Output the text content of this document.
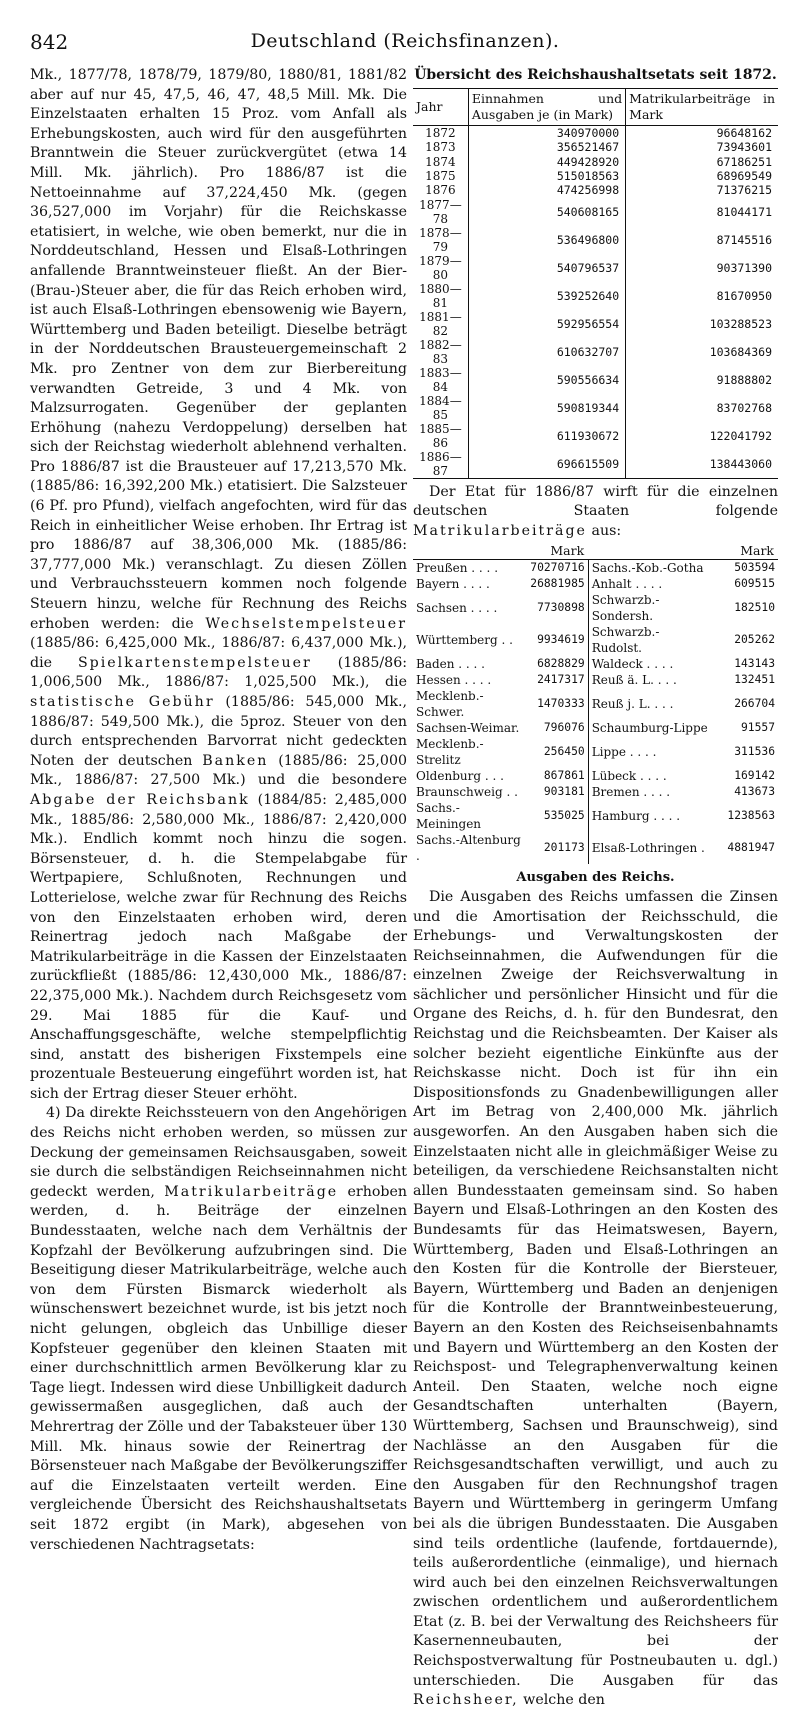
842	Deutschland (Reichsfinanzen).

Mk., 1877/78, 1878/79, 1879/80, 1880/81, 1881/82 aber auf nur 45, 47,5, 46, 47, 48,5 Mill. Mk. Die Einzelstaaten erhalten 15 Proz. vom Anfall als Erhebungskosten, auch wird für den ausgeführten Branntwein die Steuer zurückvergütet (etwa 14 Mill. Mk. jährlich). Pro 1886/87 ist die Nettoeinnahme auf 37,224,450 Mk. (gegen 36,527,000 im Vorjahr) für die Reichskasse etatisiert, in welche, wie oben bemerkt, nur die in Norddeutschland, Hessen und Elsaß-Lothringen anfallende Branntweinsteuer fließt. An der Bier-(Brau-)Steuer aber, die für das Reich erhoben wird, ist auch Elsaß-Lothringen ebensowenig wie Bayern, Württemberg und Baden beteiligt. Dieselbe beträgt in der Norddeutschen Brausteuergemeinschaft 2 Mk. pro Zentner von dem zur Bierbereitung verwandten Getreide, 3 und 4 Mk. von Malzsurrogaten. Gegenüber der geplanten Erhöhung (nahezu Verdoppelung) derselben hat sich der Reichstag wiederholt ablehnend verhalten. Pro 1886/87 ist die Brausteuer auf 17,213,570 Mk. (1885/86: 16,392,200 Mk.) etatisiert. Die Salzsteuer (6 Pf. pro Pfund), vielfach angefochten, wird für das Reich in einheitlicher Weise erhoben. Ihr Ertrag ist pro 1886/87 auf 38,306,000 Mk. (1885/86: 37,777,000 Mk.) veranschlagt. Zu diesen Zöllen und Verbrauchssteuern kommen noch folgende Steuern hinzu, welche für Rechnung des Reichs erhoben werden: die Wechselstempelsteuer (1885/86: 6,425,000 Mk., 1886/87: 6,437,000 Mk.), die Spielkartenstempelsteuer (1885/86: 1,006,500 Mk., 1886/87: 1,025,500 Mk.), die statistische Gebühr (1885/86: 545,000 Mk., 1886/87: 549,500 Mk.), die 5proz. Steuer von den durch entsprechenden Barvorrat nicht gedeckten Noten der deutschen Banken (1885/86: 25,000 Mk., 1886/87: 27,500 Mk.) und die besondere Abgabe der Reichsbank (1884/85: 2,485,000 Mk., 1885/86: 2,580,000 Mk., 1886/87: 2,420,000 Mk.). Endlich kommt noch hinzu die sogen. Börsensteuer, d. h. die Stempelabgabe für Wertpapiere, Schlußnoten, Rechnungen und Lotterielose, welche zwar für Rechnung des Reichs von den Einzelstaaten erhoben wird, deren Reinertrag jedoch nach Maßgabe der Matrikularbeiträge in die Kassen der Einzelstaaten zurückfließt (1885/86: 12,430,000 Mk., 1886/87: 22,375,000 Mk.). Nachdem durch Reichsgesetz vom 29. Mai 1885 für die Kauf- und Anschaffungsgeschäfte, welche stempelpflichtig sind, anstatt des bisherigen Fixstempels eine prozentuale Besteuerung eingeführt worden ist, hat sich der Ertrag dieser Steuer erhöht.

4) Da direkte Reichssteuern von den Angehörigen des Reichs nicht erhoben werden, so müssen zur Deckung der gemeinsamen Reichsausgaben, soweit sie durch die selbständigen Reichseinnahmen nicht gedeckt werden, Matrikularbeiträge erhoben werden, d. h. Beiträge der einzelnen Bundesstaaten, welche nach dem Verhältnis der Kopfzahl der Bevölkerung aufzubringen sind. Die Beseitigung dieser Matrikularbeiträge, welche auch von dem Fürsten Bismarck wiederholt als wünschenswert bezeichnet wurde, ist bis jetzt noch nicht gelungen, obgleich das Unbillige dieser Kopfsteuer gegenüber den kleinen Staaten mit einer durchschnittlich armen Bevölkerung klar zu Tage liegt. Indessen wird diese Unbilligkeit dadurch gewissermaßen ausgeglichen, daß auch der Mehrertrag der Zölle und der Tabaksteuer über 130 Mill. Mk. hinaus sowie der Reinertrag der Börsensteuer nach Maßgabe der Bevölkerungsziffer auf die Einzelstaaten verteilt werden. Eine vergleichende Übersicht des Reichshaushaltsetats seit 1872 ergibt (in Mark), abgesehen von verschiedenen Nachtragsetats:

Übersicht des Reichshaushaltsetats seit 1872.
Jahr	Einnahmen und Ausgaben je (in Mark)	Matrikularbeiträge in Mark
1872	340970000	96648162
1873	356521467	73943601
1874	449428920	67186251
1875	515018563	68969549
1876	474256998	71376215
1877—78	540608165	81044171
1878—79	536496800	87145516
1879—80	540796537	90371390
1880—81	539252640	81670950
1881—82	592956554	103288523
1882—83	610632707	103684369
1883—84	590556634	91888802
1884—85	590819344	83702768
1885—86	611930672	122041792
1886—87	696615509	138443060

Der Etat für 1886/87 wirft für die einzelnen deutschen Staaten folgende Matrikularbeiträge aus:

	Mark		Mark
Preußen . . . .	70270716	Sachs.-Kob.-Gotha	503594
Bayern . . . .	26881985	Anhalt . . . .	609515
Sachsen . . . .	7730898	Schwarzb.-Sondersh.	182510
Württemberg . .	9934619	Schwarzb.-Rudolst.	205262
Baden . . . .	6828829	Waldeck . . . .	143143
Hessen . . . .	2417317	Reuß ä. L. . . .	132451
Mecklenb.-Schwer.	1470333	Reuß j. L. . . .	266704
Sachsen-Weimar.	796076	Schaumburg-Lippe	91557
Mecklenb.-Strelitz	256450	Lippe . . . .	311536
Oldenburg . . .	867861	Lübeck . . . .	169142
Braunschweig . .	903181	Bremen . . . .	413673
Sachs.-Meiningen	535025	Hamburg . . . .	1238563
Sachs.-Altenburg .	201173	Elsaß-Lothringen .	4881947
Ausgaben des Reichs.

Die Ausgaben des Reichs umfassen die Zinsen und die Amortisation der Reichsschuld, die Erhebungs- und Verwaltungskosten der Reichseinnahmen, die Aufwendungen für die einzelnen Zweige der Reichsverwaltung in sächlicher und persönlicher Hinsicht und für die Organe des Reichs, d. h. für den Bundesrat, den Reichstag und die Reichsbeamten. Der Kaiser als solcher bezieht eigentliche Einkünfte aus der Reichskasse nicht. Doch ist für ihn ein Dispositionsfonds zu Gnadenbewilligungen aller Art im Betrag von 2,400,000 Mk. jährlich ausgeworfen. An den Ausgaben haben sich die Einzelstaaten nicht alle in gleichmäßiger Weise zu beteiligen, da verschiedene Reichsanstalten nicht allen Bundesstaaten gemeinsam sind. So haben Bayern und Elsaß-Lothringen an den Kosten des Bundesamts für das Heimatswesen, Bayern, Württemberg, Baden und Elsaß-Lothringen an den Kosten für die Kontrolle der Biersteuer, Bayern, Württemberg und Baden an denjenigen für die Kontrolle der Branntweinbesteuerung, Bayern an den Kosten des Reichseisenbahnamts und Bayern und Württemberg an den Kosten der Reichspost- und Telegraphenverwaltung keinen Anteil. Den Staaten, welche noch eigne Gesandtschaften unterhalten (Bayern, Württemberg, Sachsen und Braunschweig), sind Nachlässe an den Ausgaben für die Reichsgesandtschaften verwilligt, und auch zu den Ausgaben für den Rechnungshof tragen Bayern und Württemberg in geringerm Umfang bei als die übrigen Bundesstaaten. Die Ausgaben sind teils ordentliche (laufende, fortdauernde), teils außerordentliche (einmalige), und hiernach wird auch bei den einzelnen Reichsverwaltungen zwischen ordentlichem und außerordentlichem Etat (z. B. bei der Verwaltung des Reichsheers für Kasernenneubauten, bei der Reichspostverwaltung für Postneubauten u. dgl.) unterschieden. Die Ausgaben für das Reichsheer, welche den
